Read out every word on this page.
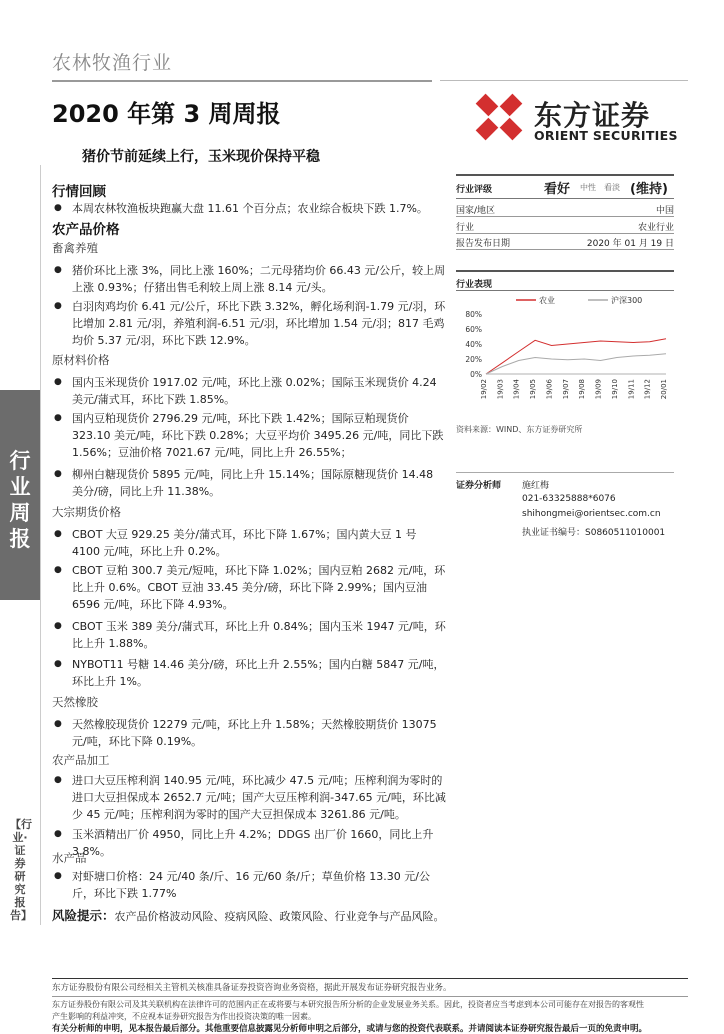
农林牧渔行业
2020 年第 3 周周报
猪价节前延续上行，玉米现价保持平稳
东方证券
ORIENT SECURITIES
行业周报
【行业·证券研究报告】
行情回顾
● 本周农林牧渔板块跑赢大盘 11.61 个百分点；农业综合板块下跌 1.7%。
农产品价格
畜禽养殖
● 猪价环比上涨 3%，同比上涨 160%；二元母猪均价 66.43 元/公斤，较上周上涨 0.93%；仔猪出售毛利较上周上涨 8.14 元/头。
● 白羽肉鸡均价 6.41 元/公斤，环比下跌 3.32%，孵化场利润-1.79 元/羽，环比增加 2.81 元/羽，养殖利润-6.51 元/羽，环比增加 1.54 元/羽；817 毛鸡均价 5.37 元/羽，环比下跌 12.9%。
原材料价格
● 国内玉米现货价 1917.02 元/吨，环比上涨 0.02%；国际玉米现货价 4.24 美元/蒲式耳，环比下跌 1.85%。
● 国内豆粕现货价 2796.29 元/吨，环比下跌 1.42%；国际豆粕现货价 323.10 美元/吨，环比下跌 0.28%；大豆平均价 3495.26 元/吨，同比下跌 1.56%；豆油价格 7021.67 元/吨，同比上升 26.55%；
● 柳州白糖现货价 5895 元/吨，同比上升 15.14%；国际原糖现货价 14.48 美分/磅，同比上升 11.38%。
大宗期货价格
● CBOT 大豆 929.25 美分/蒲式耳，环比下降 1.67%；国内黄大豆 1 号 4100 元/吨，环比上升 0.2%。
● CBOT 豆粕 300.7 美元/短吨，环比下降 1.02%；国内豆粕 2682 元/吨，环比上升 0.6%。CBOT 豆油 33.45 美分/磅，环比下降 2.99%；国内豆油 6596 元/吨，环比下降 4.93%。
● CBOT 玉米 389 美分/蒲式耳，环比上升 0.84%；国内玉米 1947 元/吨，环比上升 1.88%。
● NYBOT11 号糖 14.46 美分/磅，环比上升 2.55%；国内白糖 5847 元/吨，环比上升 1%。
天然橡胶
● 天然橡胶现货价 12279 元/吨，环比上升 1.58%；天然橡胶期货价 13075 元/吨，环比下降 0.19%。
农产品加工
● 进口大豆压榨利润 140.95 元/吨，环比减少 47.5 元/吨；压榨利润为零时的进口大豆担保成本 2652.7 元/吨；国产大豆压榨利润-347.65 元/吨，环比减少 45 元/吨；压榨利润为零时的国产大豆担保成本 3261.86 元/吨。
● 玉米酒精出厂价 4950，同比上升 4.2%；DDGS 出厂价 1660，同比上升 3.8%。
水产品
● 对虾塘口价格：24 元/40 条/斤、16 元/60 条/斤；草鱼价格 13.30 元/公斤，环比下跌 1.77%
风险提示：农产品价格波动风险、疫病风险、政策风险、行业竞争与产品风险。
行业评级	看好 中性 看淡 (维持)
国家/地区	中国
行业	农业行业
报告发布日期	2020 年 01 月 19 日
行业表现
农业	沪深300
80%
60%
40%
20%
0%
19/02 19/03 19/04 19/05 19/06 19/07 19/08 19/09 19/10 19/11 19/12 20/01
资料来源：WIND、东方证券研究所
证券分析师 施红梅
021-63325888*6076
shihongmei@orientsec.com.cn
执业证书编号：S0860511010001
东方证券股份有限公司经相关主管机关核准具备证券投资咨询业务资格，据此开展发布证券研究报告业务。
东方证券股份有限公司及其关联机构在法律许可的范围内正在或将要与本研究报告所分析的企业发展业务关系。因此，投资者应当考虑到本公司可能存在对报告的客观性
产生影响的利益冲突，不应视本证券研究报告为作出投资决策的唯一因素。
有关分析师的申明，见本报告最后部分。其他重要信息披露见分析师申明之后部分，或请与您的投资代表联系。并请阅读本证券研究报告最后一页的免责申明。
